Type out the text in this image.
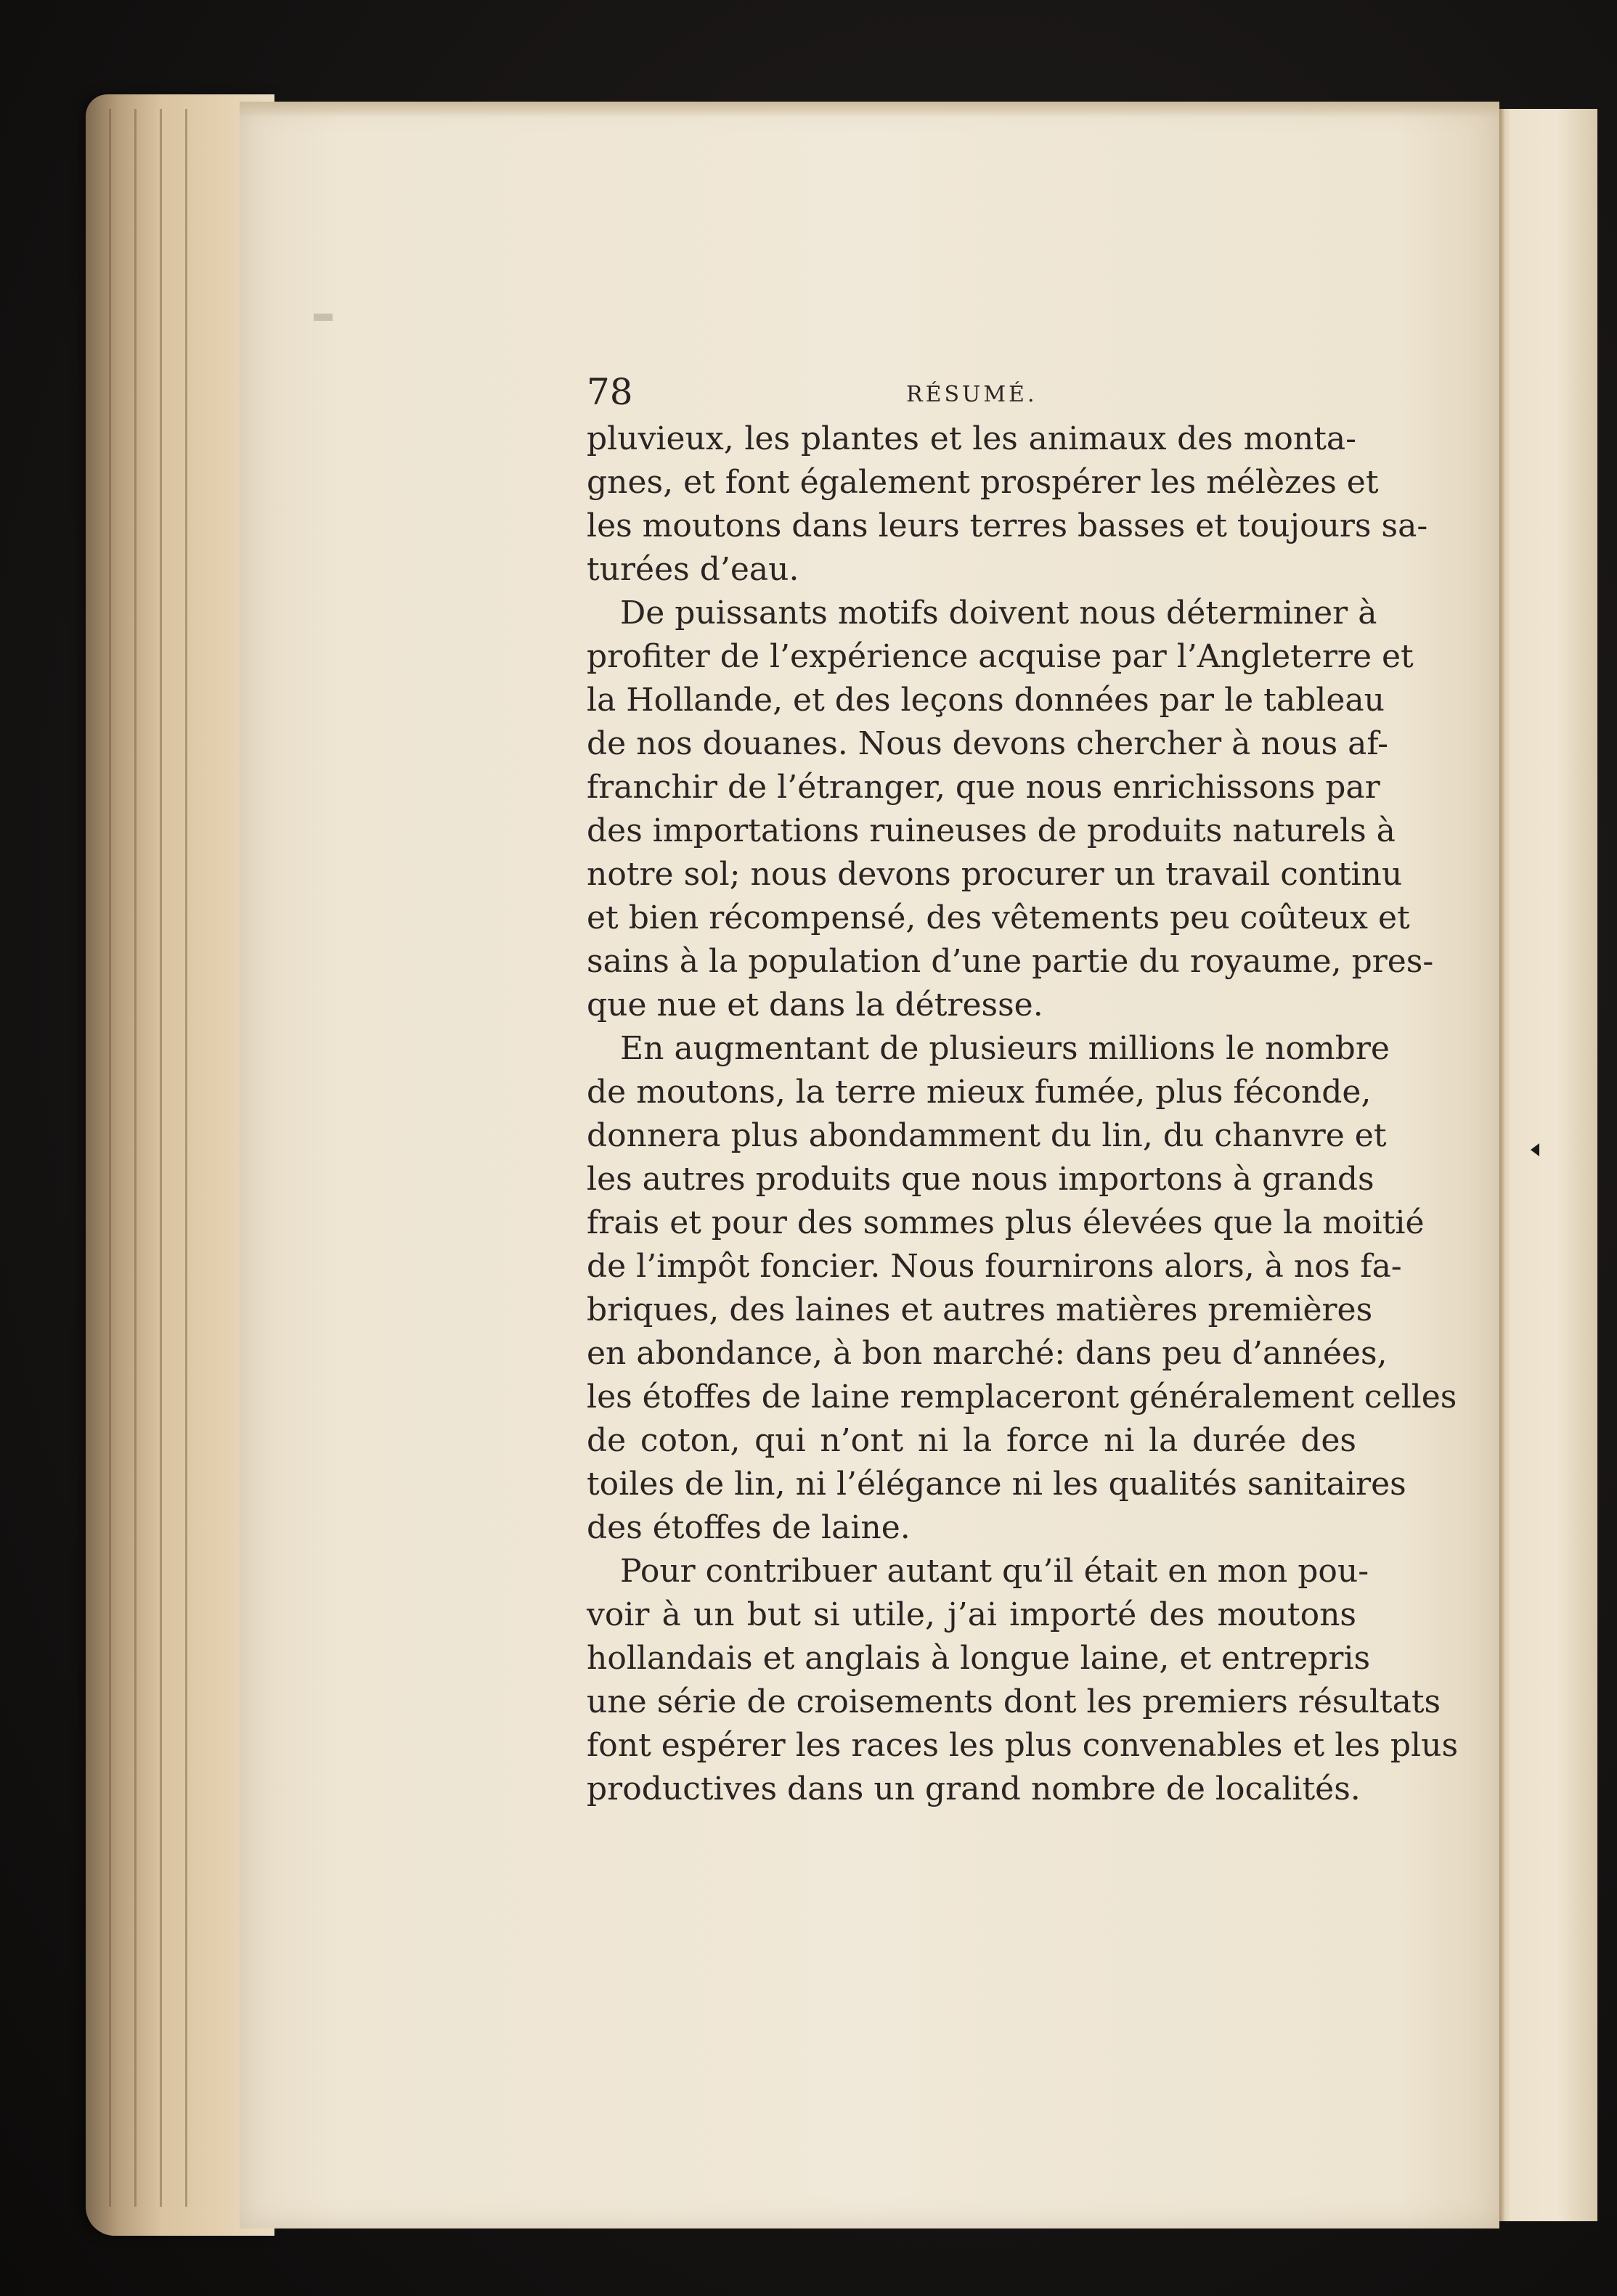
78	RÉSUMÉ.
pluvieux, les plantes et les animaux des monta-
gnes, et font également prospérer les mélèzes et
les moutons dans leurs terres basses et toujours sa-
turées d’eau.
De puissants motifs doivent nous déterminer à
profiter de l’expérience acquise par l’Angleterre et
la Hollande, et des leçons données par le tableau
de nos douanes. Nous devons chercher à nous af-
franchir de l’étranger, que nous enrichissons par
des importations ruineuses de produits naturels à
notre sol; nous devons procurer un travail continu
et bien récompensé, des vêtements peu coûteux et
sains à la population d’une partie du royaume, pres-
que nue et dans la détresse.
En augmentant de plusieurs millions le nombre
de moutons, la terre mieux fumée, plus féconde,
donnera plus abondamment du lin, du chanvre et
les autres produits que nous importons à grands
frais et pour des sommes plus élevées que la moitié
de l’impôt foncier. Nous fournirons alors, à nos fa-
briques, des laines et autres matières premières
en abondance, à bon marché: dans peu d’années,
les étoffes de laine remplaceront généralement celles
de coton, qui n’ont ni la force ni la durée des
toiles de lin, ni l’élégance ni les qualités sanitaires
des étoffes de laine.
Pour contribuer autant qu’il était en mon pou-
voir à un but si utile, j’ai importé des moutons
hollandais et anglais à longue laine, et entrepris
une série de croisements dont les premiers résultats
font espérer les races les plus convenables et les plus
productives dans un grand nombre de localités.
